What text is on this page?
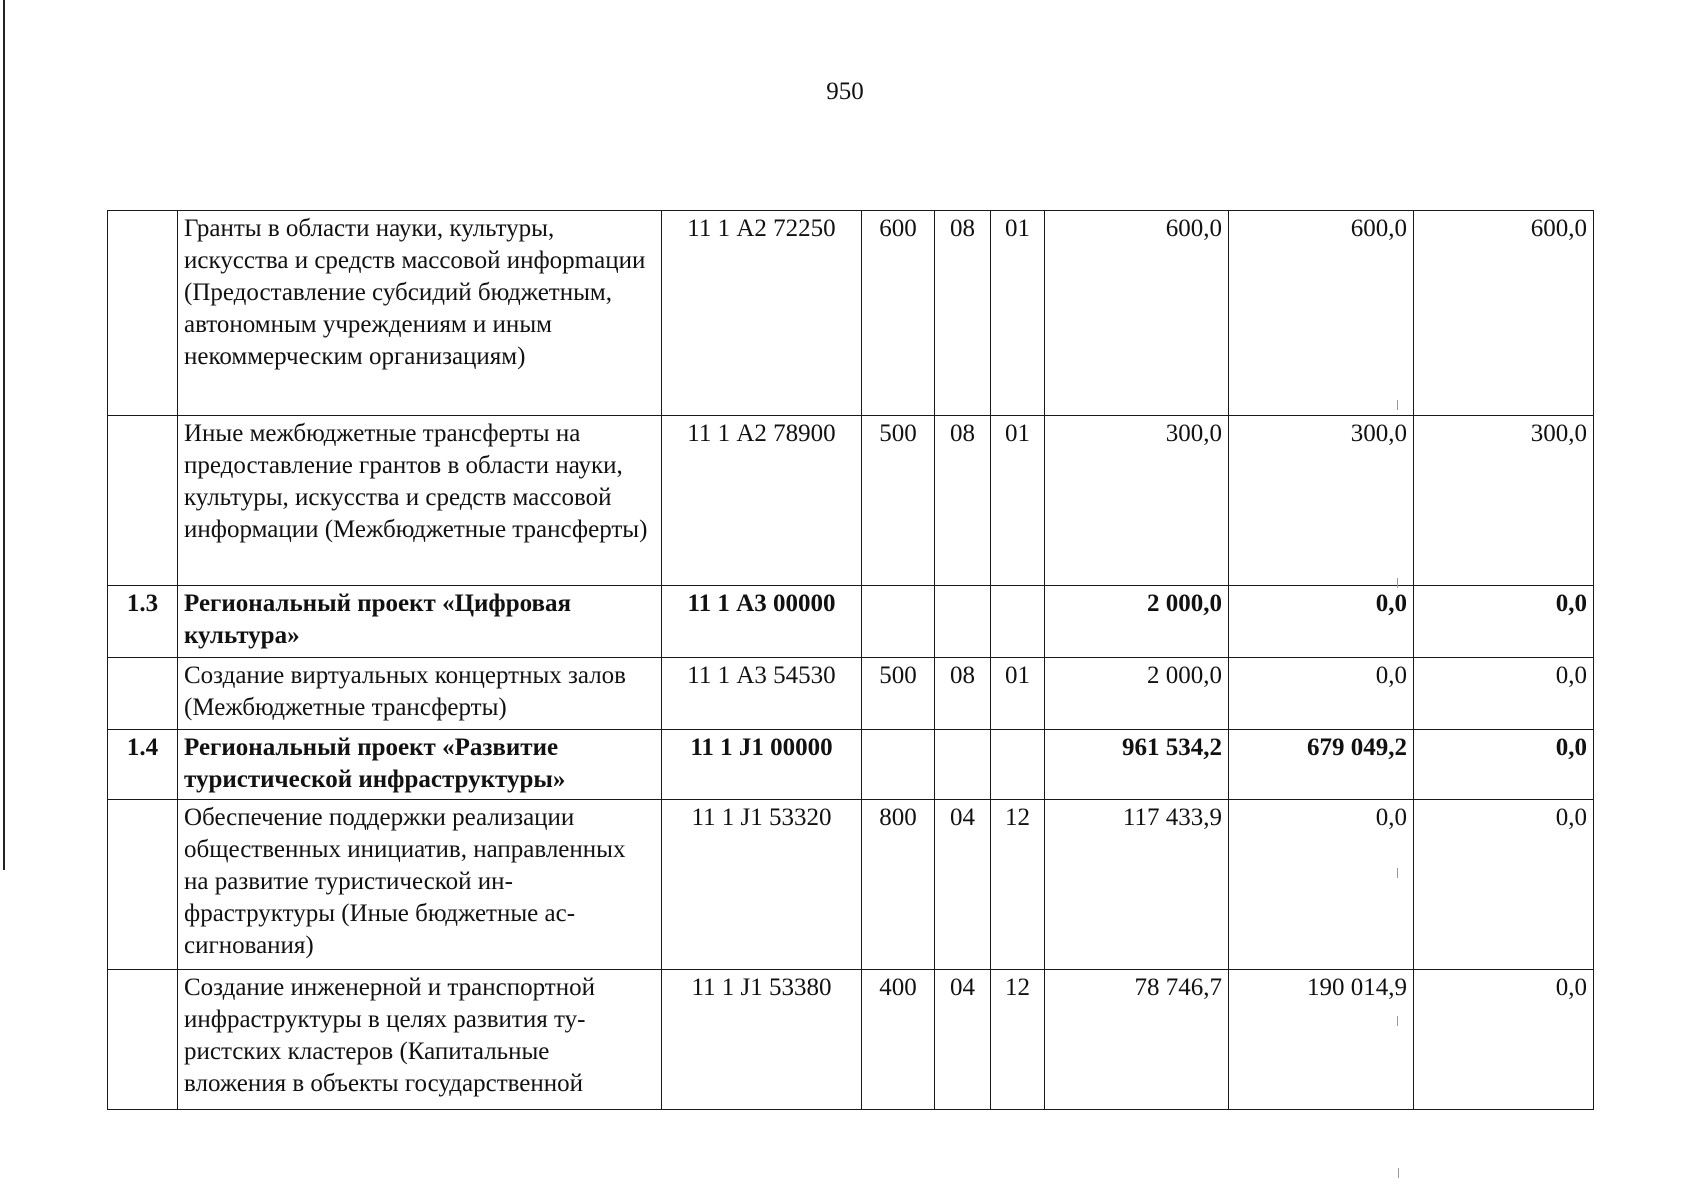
950
	Гранты в области науки, культуры, искусства и средств массовой инфорmации (Предоставление субсидий бюджетным, автономным учреждениям и иным некоммерческим организациям)	11 1 А2 72250	600	08	01	600,0	600,0	600,0
	Иные межбюджетные трансферты на предоставление грантов в области науки, культуры, искусства и средств массовой информации (Межбюджетные трансферты)	11 1 А2 78900	500	08	01	300,0	300,0	300,0
1.3	Региональный проект «Цифровая культура»	11 1 А3 00000				2 000,0	0,0	0,0
	Создание виртуальных концертных залов (Межбюджетные трансферты)	11 1 А3 54530	500	08	01	2 000,0	0,0	0,0
1.4	Региональный проект «Развитие туристической инфраструктуры»	11 1 J1 00000				961 534,2	679 049,2	0,0
	Обеспечение поддержки реализации общественных инициатив, направленных на развитие туристической инфраструктуры (Иные бюджетные ассигнования)	11 1 J1 53320	800	04	12	117 433,9	0,0	0,0
	Создание инженерной и транспортной инфраструктуры в целях развития туристских кластеров (Капитальные вложения в объекты государственной	11 1 J1 53380	400	04	12	78 746,7	190 014,9	0,0
